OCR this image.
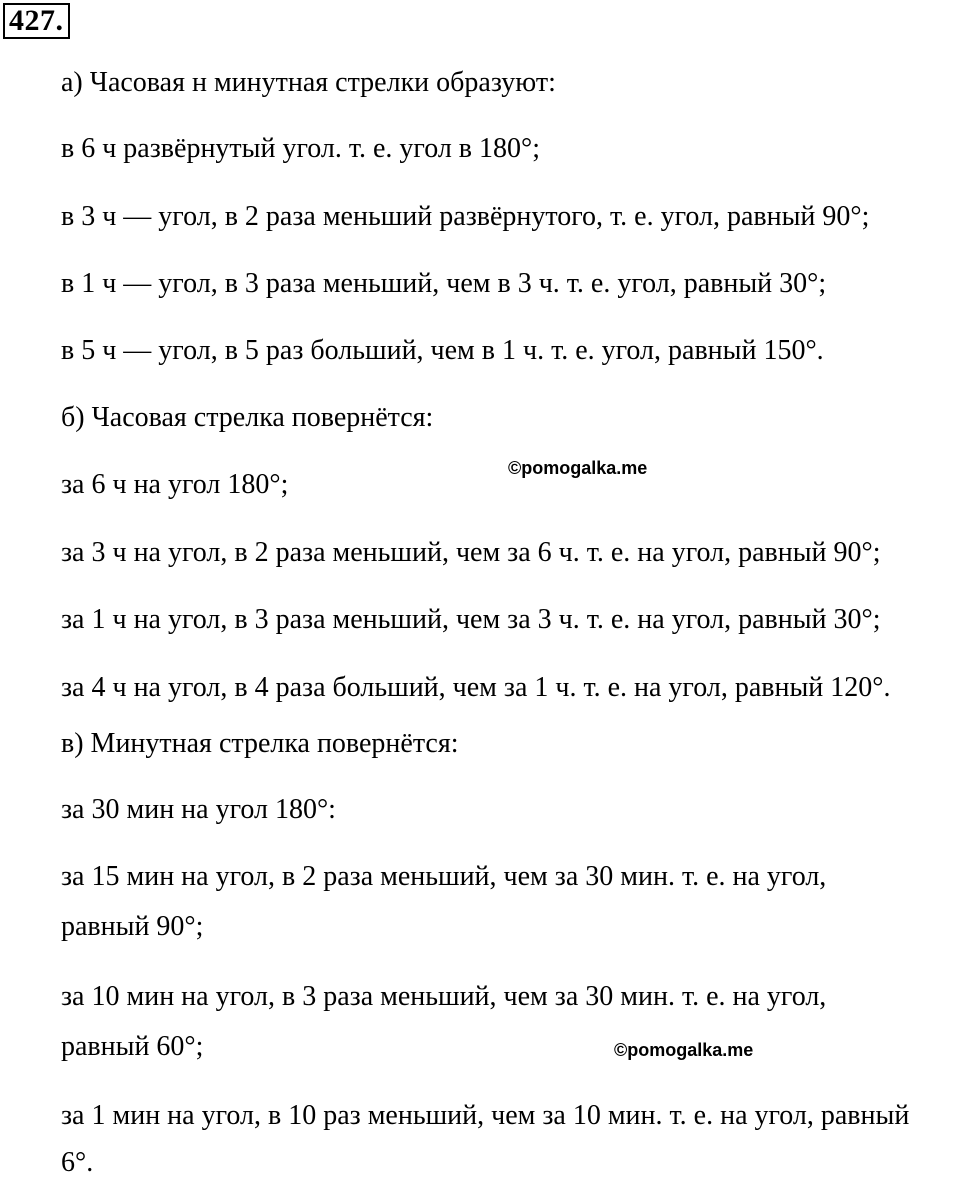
427.
а) Часовая н минутная стрелки образуют:
в 6 ч развёрнутый угол. т. е. угол в 180°;
в 3 ч — угол, в 2 раза меньший развёрнутого, т. е. угол, равный 90°;
в 1 ч — угол, в 3 раза меньший, чем в 3 ч. т. е. угол, равный 30°;
в 5 ч — угол, в 5 раз больший, чем в 1 ч. т. е. угол, равный 150°.
б) Часовая стрелка повернётся:
©pomogalka.me
за 6 ч на угол 180°;
за 3 ч на угол, в 2 раза меньший, чем за 6 ч. т. е. на угол, равный 90°;
за 1 ч на угол, в 3 раза меньший, чем за 3 ч. т. е. на угол, равный 30°;
за 4 ч на угол, в 4 раза больший, чем за 1 ч. т. е. на угол, равный 120°.
в) Минутная стрелка повернётся:
за 30 мин на угол 180°:
за 15 мин на угол, в 2 раза меньший, чем за 30 мин. т. е. на угол,
равный 90°;
за 10 мин на угол, в 3 раза меньший, чем за 30 мин. т. е. на угол,
равный 60°;	©pomogalka.me
за 1 мин на угол, в 10 раз меньший, чем за 10 мин. т. е. на угол, равный
6°.
